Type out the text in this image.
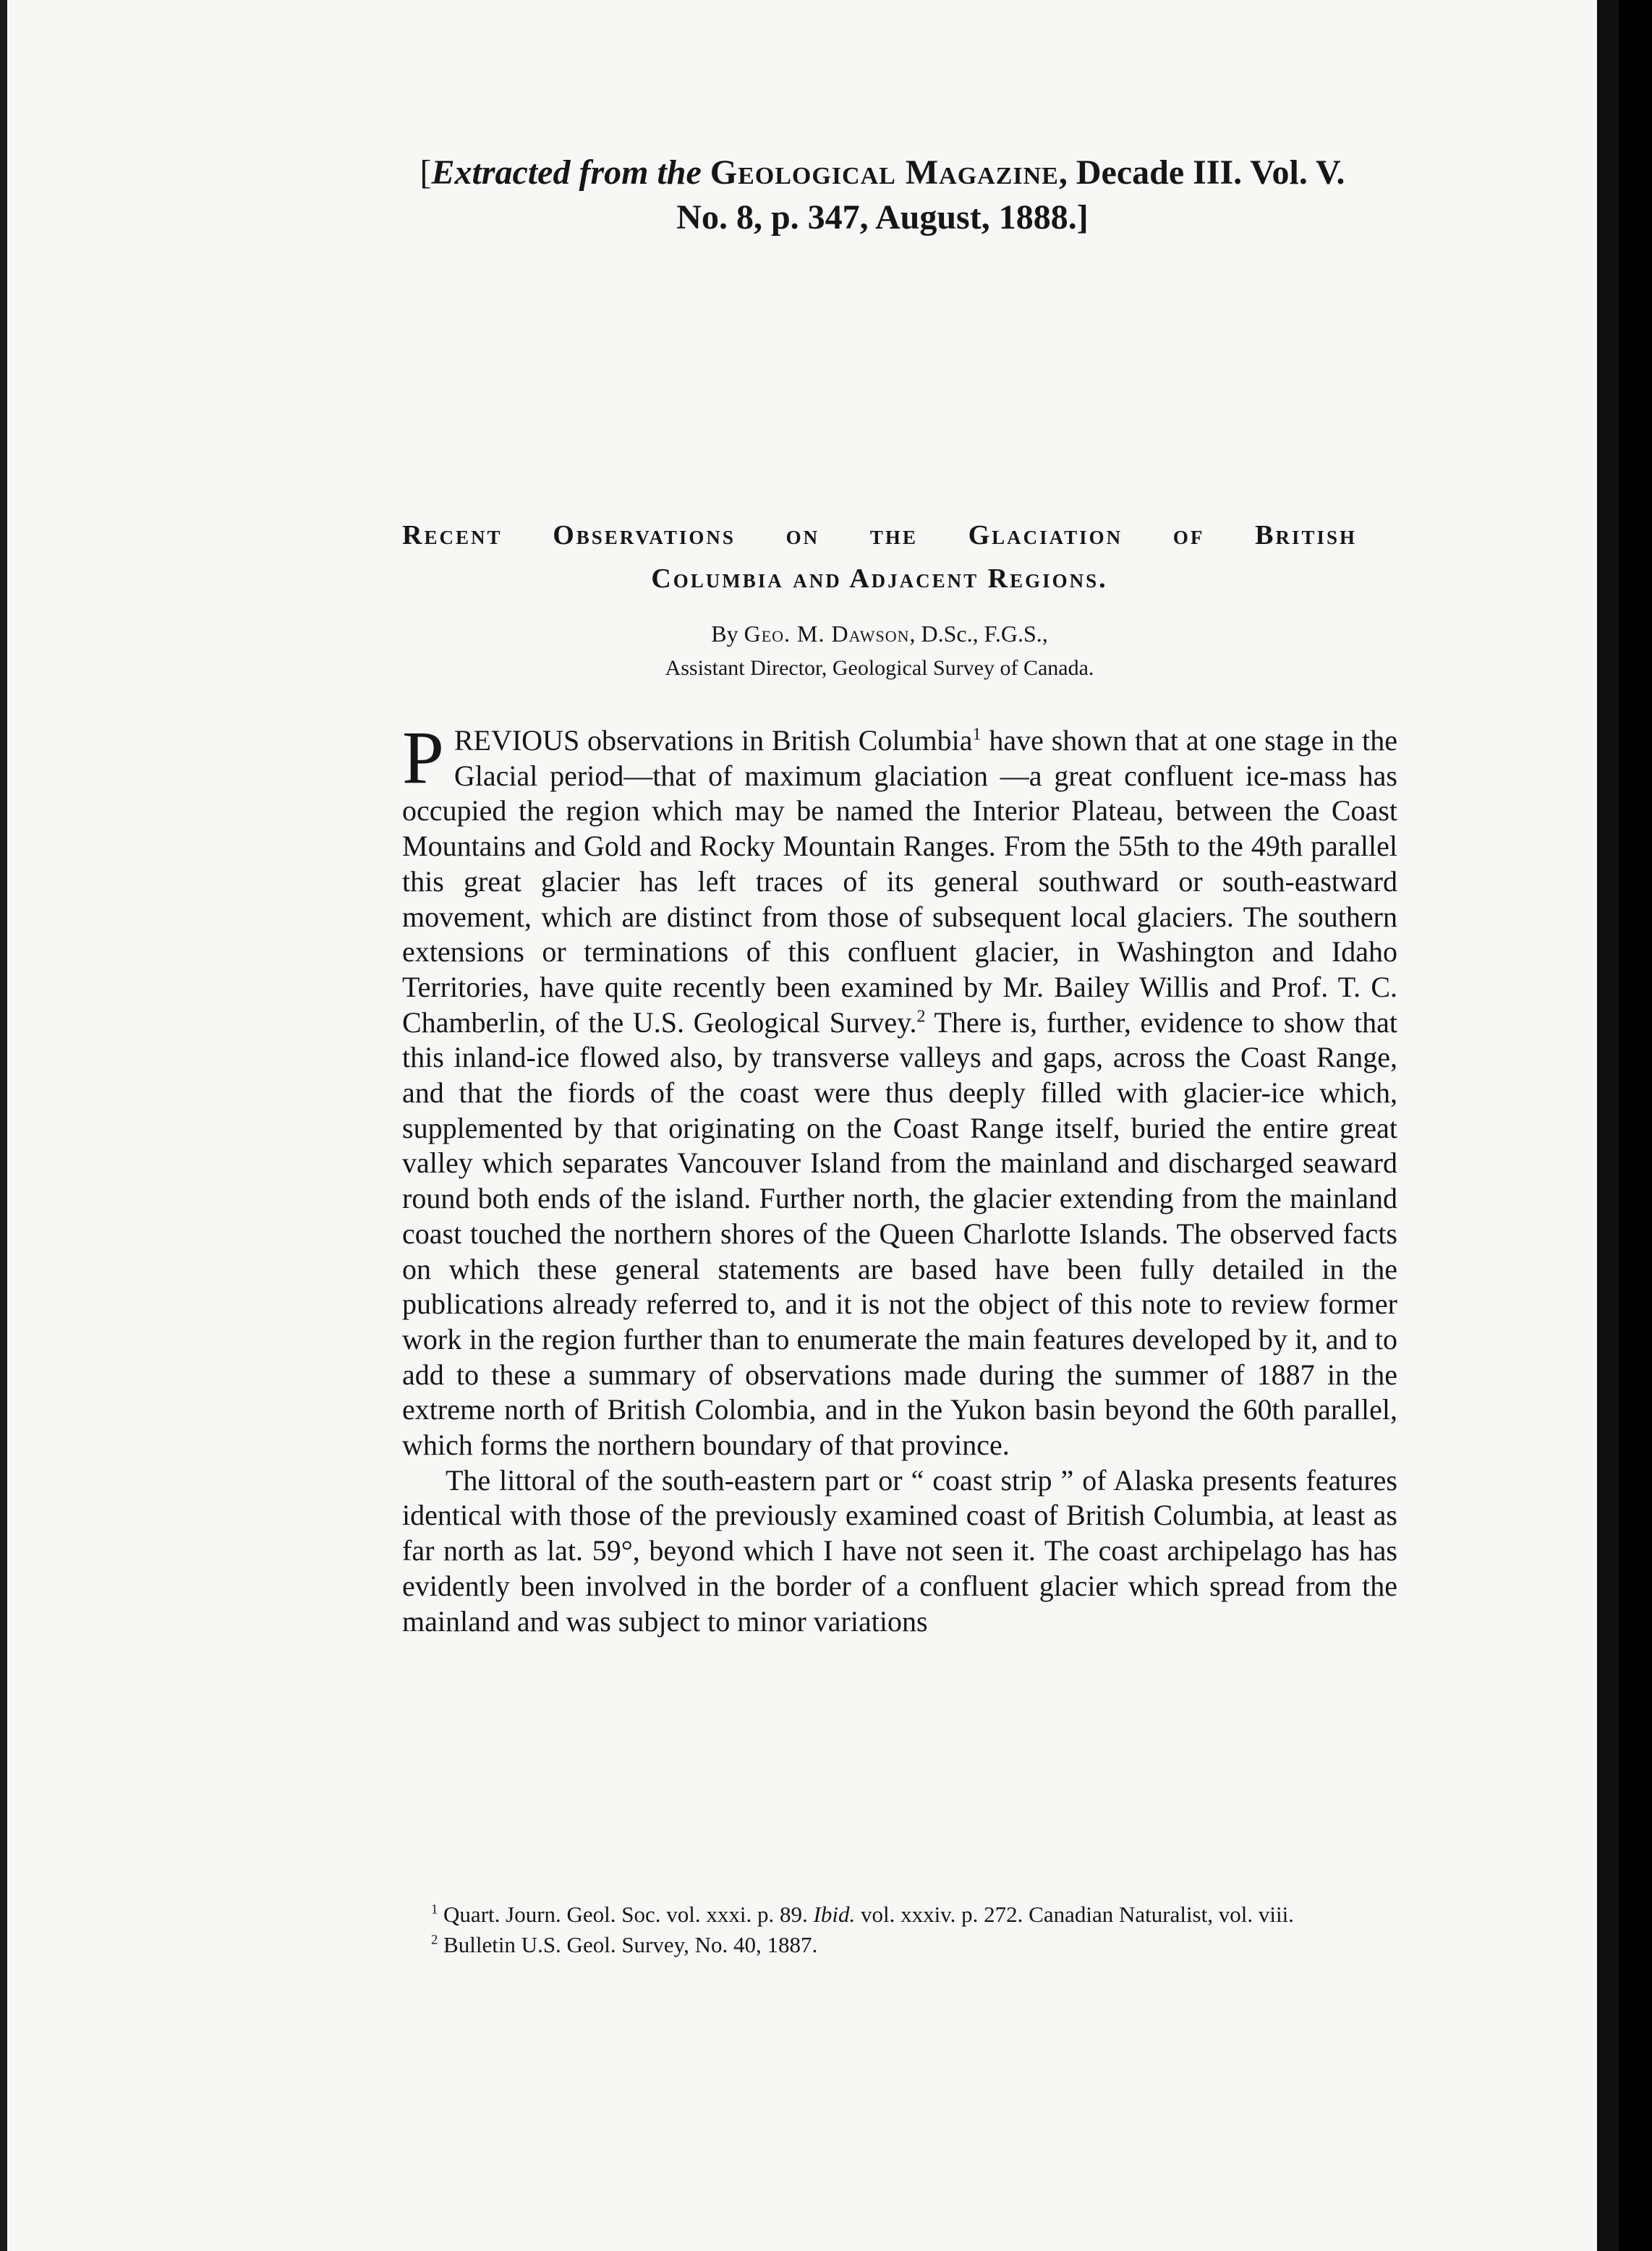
[Extracted from the Geological Magazine, Decade III. Vol. V.
No. 8, p. 347, August, 1888.]
Recent Observations on the Glaciation of British
Columbia and Adjacent Regions.
By Geo. M. Dawson, D.Sc., F.G.S.,
Assistant Director, Geological Survey of Canada.

PREVIOUS observations in British Columbia$^1$ have shown that at one stage in the Glacial period—that of maximum glaciation —a great confluent ice-mass has occupied the region which may be named the Interior Plateau, between the Coast Mountains and Gold and Rocky Mountain Ranges. From the 55th to the 49th parallel this great glacier has left traces of its general southward or south-eastward movement, which are distinct from those of subsequent local glaciers. The southern extensions or terminations of this confluent glacier, in Washington and Idaho Territories, have quite recently been examined by Mr. Bailey Willis and Prof. T. C. Chamberlin, of the U.S. Geological Survey.$^2$ There is, further, evidence to show that this inland-ice flowed also, by transverse valleys and gaps, across the Coast Range, and that the fiords of the coast were thus deeply filled with glacier-ice which, supplemented by that originating on the Coast Range itself, buried the entire great valley which separates Vancouver Island from the mainland and discharged seaward round both ends of the island. Further north, the glacier extending from the mainland coast touched the northern shores of the Queen Charlotte Islands. The observed facts on which these general statements are based have been fully detailed in the publications already referred to, and it is not the object of this note to review former work in the region further than to enumerate the main features developed by it, and to add to these a summary of observations made during the summer of 1887 in the extreme north of British Colombia, and in the Yukon basin beyond the 60th parallel, which forms the northern boundary of that province.

The littoral of the south-eastern part or “ coast strip ” of Alaska presents features identical with those of the previously examined coast of British Columbia, at least as far north as lat. 59°, beyond which I have not seen it. The coast archipelago has has evidently been involved in the border of a confluent glacier which spread from the mainland and was subject to minor variations

$^1$ Quart. Journ. Geol. Soc. vol. xxxi. p. 89. Ibid. vol. xxxiv. p. 272. Canadian Naturalist, vol. viii.

$^2$ Bulletin U.S. Geol. Survey, No. 40, 1887.
